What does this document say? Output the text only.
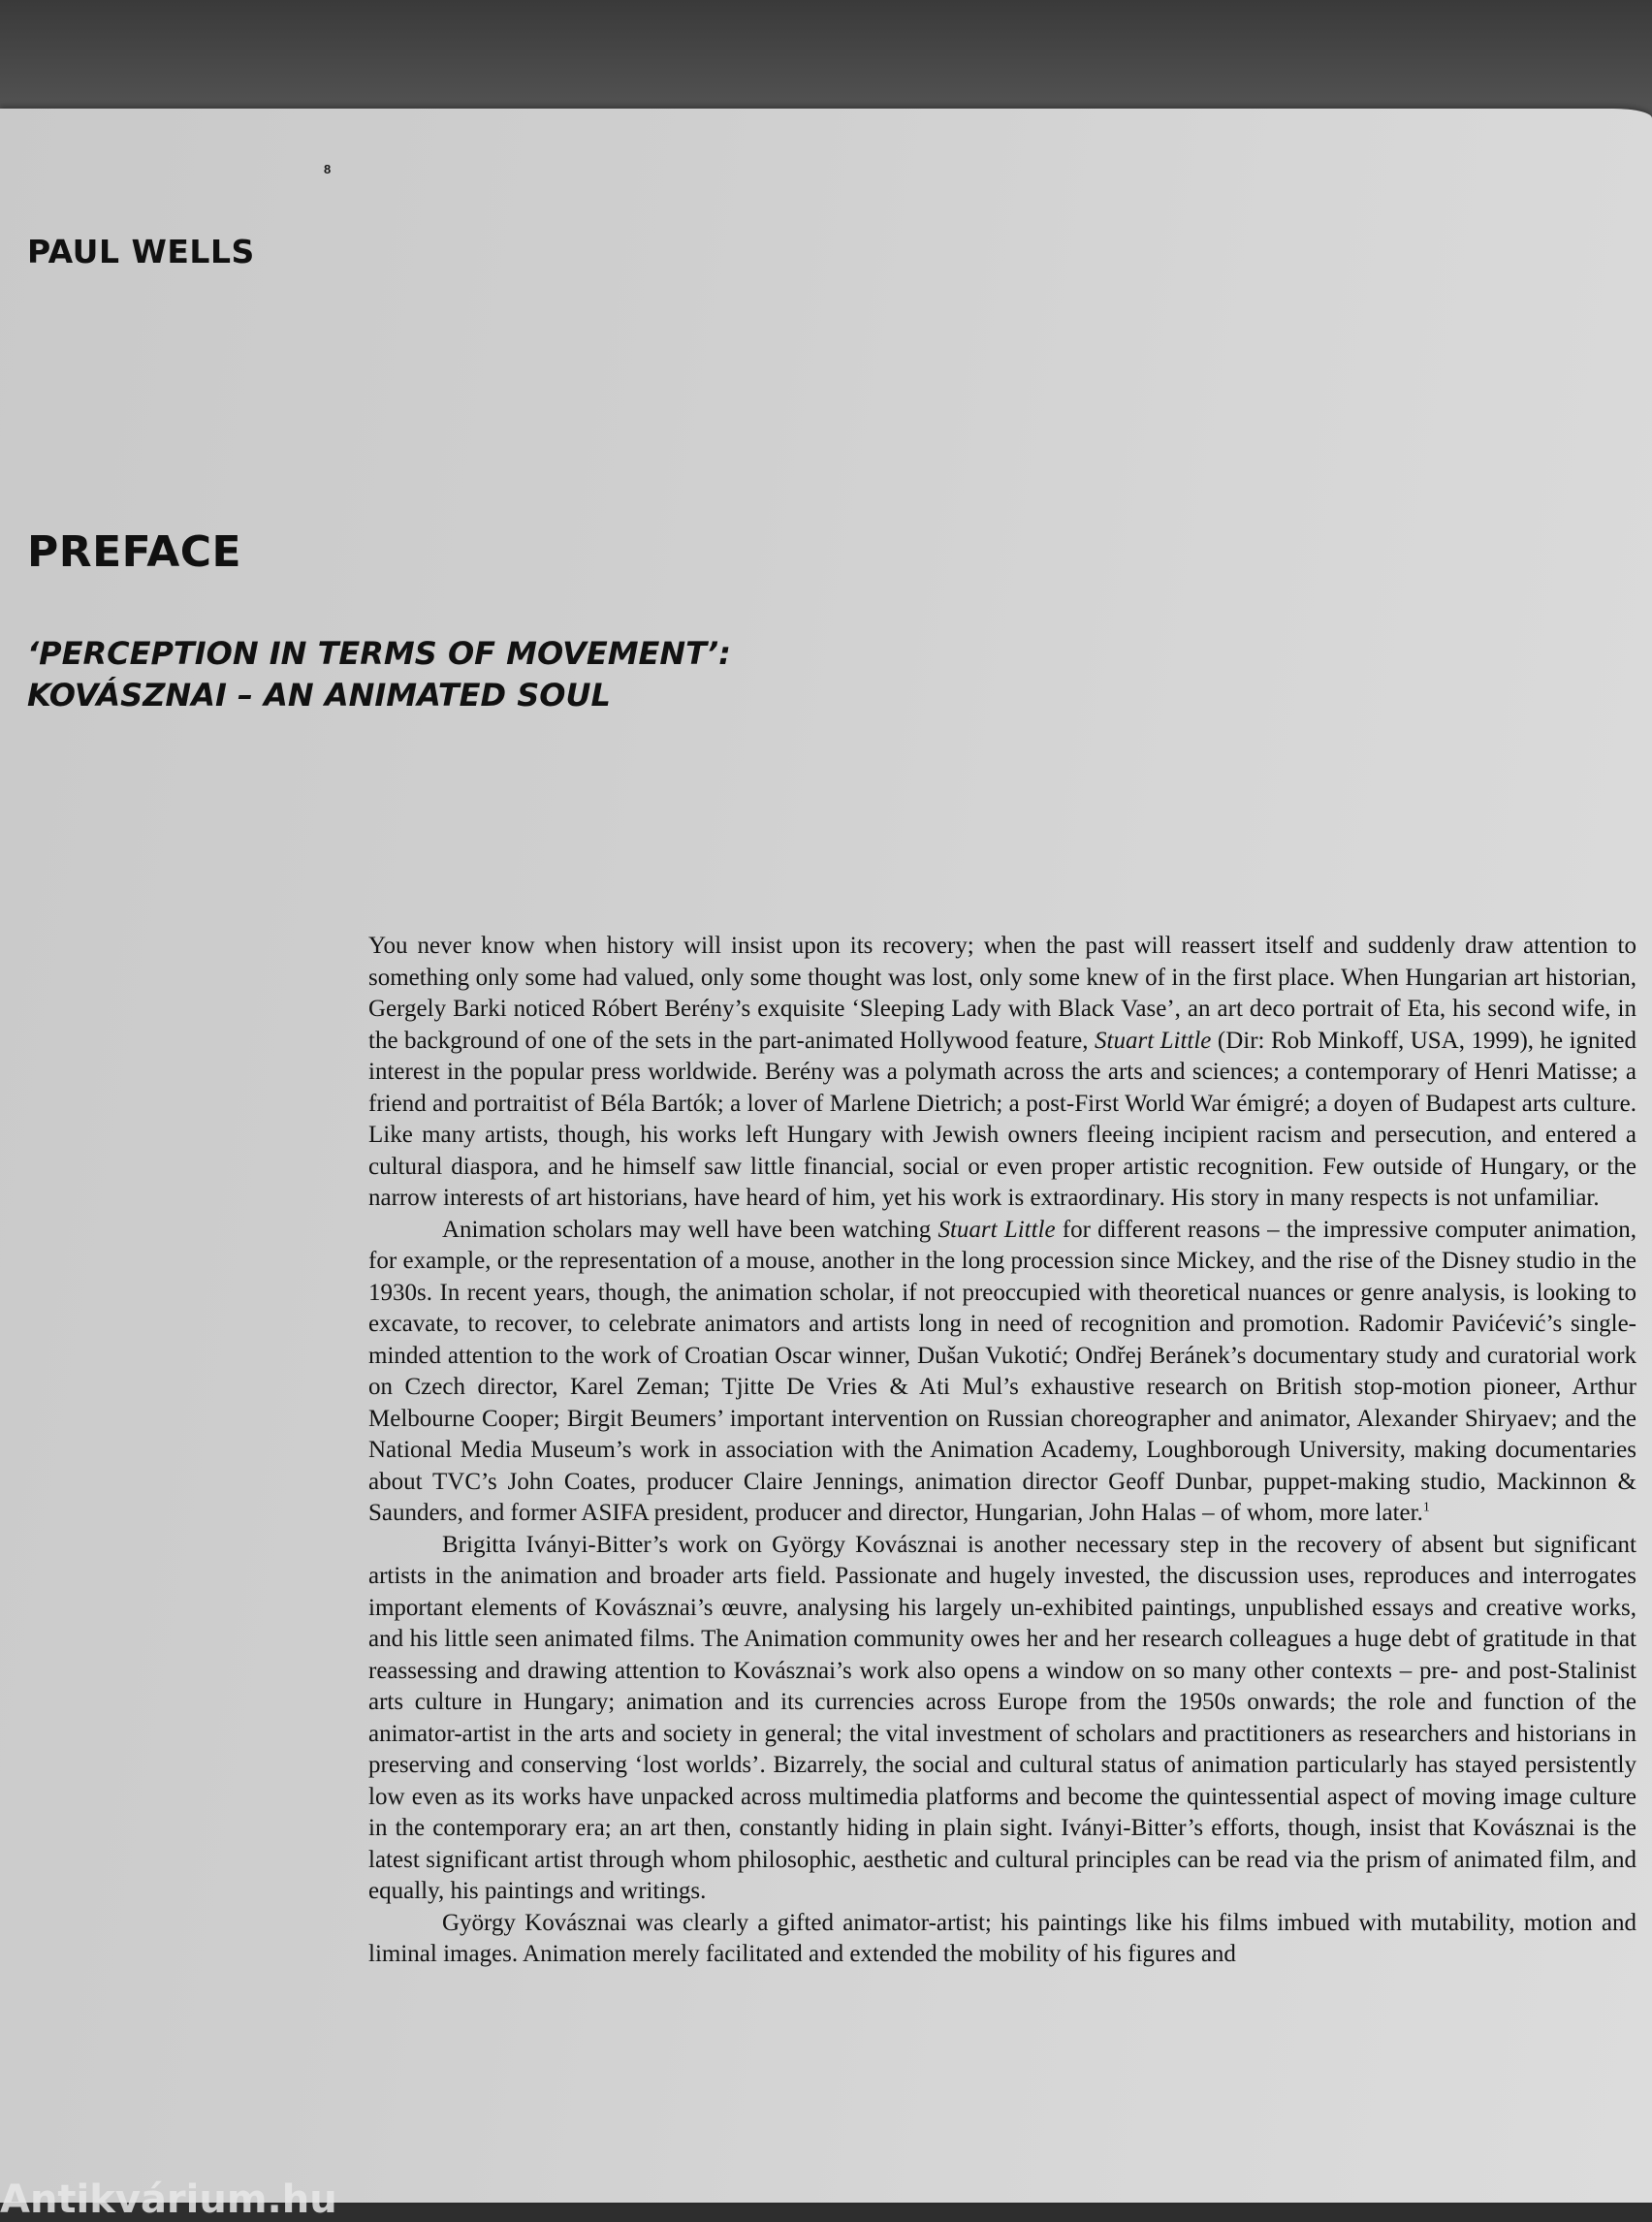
8
PAUL WELLS
PREFACE
‘PERCEPTION IN TERMS OF MOVEMENT’:
KOVÁSZNAI – AN ANIMATED SOUL

You never know when history will insist upon its recovery; when the past will reassert itself and suddenly draw attention to something only some had valued, only some thought was lost, only some knew of in the first place. When Hungarian art historian, Gergely Barki noticed Róbert Berény’s exquisite ‘Sleeping Lady with Black Vase’, an art deco portrait of Eta, his second wife, in the background of one of the sets in the part-animated Hollywood feature, Stuart Little (Dir: Rob Minkoff, USA, 1999), he ignited interest in the popular press worldwide. Berény was a polymath across the arts and sciences; a contemporary of Henri Matisse; a friend and portraitist of Béla Bartók; a lover of Marlene Dietrich; a post-First World War émigré; a doyen of Budapest arts culture. Like many artists, though, his works left Hungary with Jewish owners fleeing incipient racism and persecution, and entered a cultural diaspora, and he himself saw little financial, social or even proper artistic recognition. Few outside of Hungary, or the narrow interests of art historians, have heard of him, yet his work is extraordinary. His story in many respects is not unfamiliar.

Animation scholars may well have been watching Stuart Little for different reasons – the impressive computer animation, for example, or the representation of a mouse, another in the long procession since Mickey, and the rise of the Disney studio in the 1930s. In recent years, though, the animation scholar, if not preoccupied with theoretical nuances or genre analysis, is looking to excavate, to recover, to celebrate animators and artists long in need of recognition and promotion. Radomir Pavićević’s single-minded attention to the work of Croatian Oscar winner, Dušan Vukotić; Ondřej Beránek’s documentary study and curatorial work on Czech director, Karel Zeman; Tjitte De Vries & Ati Mul’s exhaustive research on British stop-motion pioneer, Arthur Melbourne Cooper; Birgit Beumers’ important intervention on Russian choreographer and animator, Alexander Shiryaev; and the National Media Museum’s work in association with the Animation Academy, Loughborough University, making documentaries about TVC’s John Coates, producer Claire Jennings, animation director Geoff Dunbar, puppet-making studio, Mackinnon & Saunders, and former ASIFA president, producer and director, Hungarian, John Halas – of whom, more later.$^1$

Brigitta Iványi-Bitter’s work on György Kovásznai is another necessary step in the recovery of absent but significant artists in the animation and broader arts field. Passionate and hugely invested, the discussion uses, reproduces and interrogates important elements of Kovásznai’s œuvre, analysing his largely un-exhibited paintings, unpublished essays and creative works, and his little seen animated films. The Animation community owes her and her research colleagues a huge debt of gratitude in that reassessing and drawing attention to Kovásznai’s work also opens a window on so many other contexts – pre- and post-Stalinist arts culture in Hungary; animation and its currencies across Europe from the 1950s onwards; the role and function of the animator-artist in the arts and society in general; the vital investment of scholars and practitioners as researchers and historians in preserving and conserving ‘lost worlds’. Bizarrely, the social and cultural status of animation particularly has stayed persistently low even as its works have unpacked across multimedia platforms and become the quintessential aspect of moving image culture in the contemporary era; an art then, constantly hiding in plain sight. Iványi-Bitter’s efforts, though, insist that Kovásznai is the latest significant artist through whom philosophic, aesthetic and cultural principles can be read via the prism of animated film, and equally, his paintings and writings.

György Kovásznai was clearly a gifted animator-artist; his paintings like his films imbued with mutability, motion and liminal images. Animation merely facilitated and extended the mobility of his figures and

Antikvárium.hu
